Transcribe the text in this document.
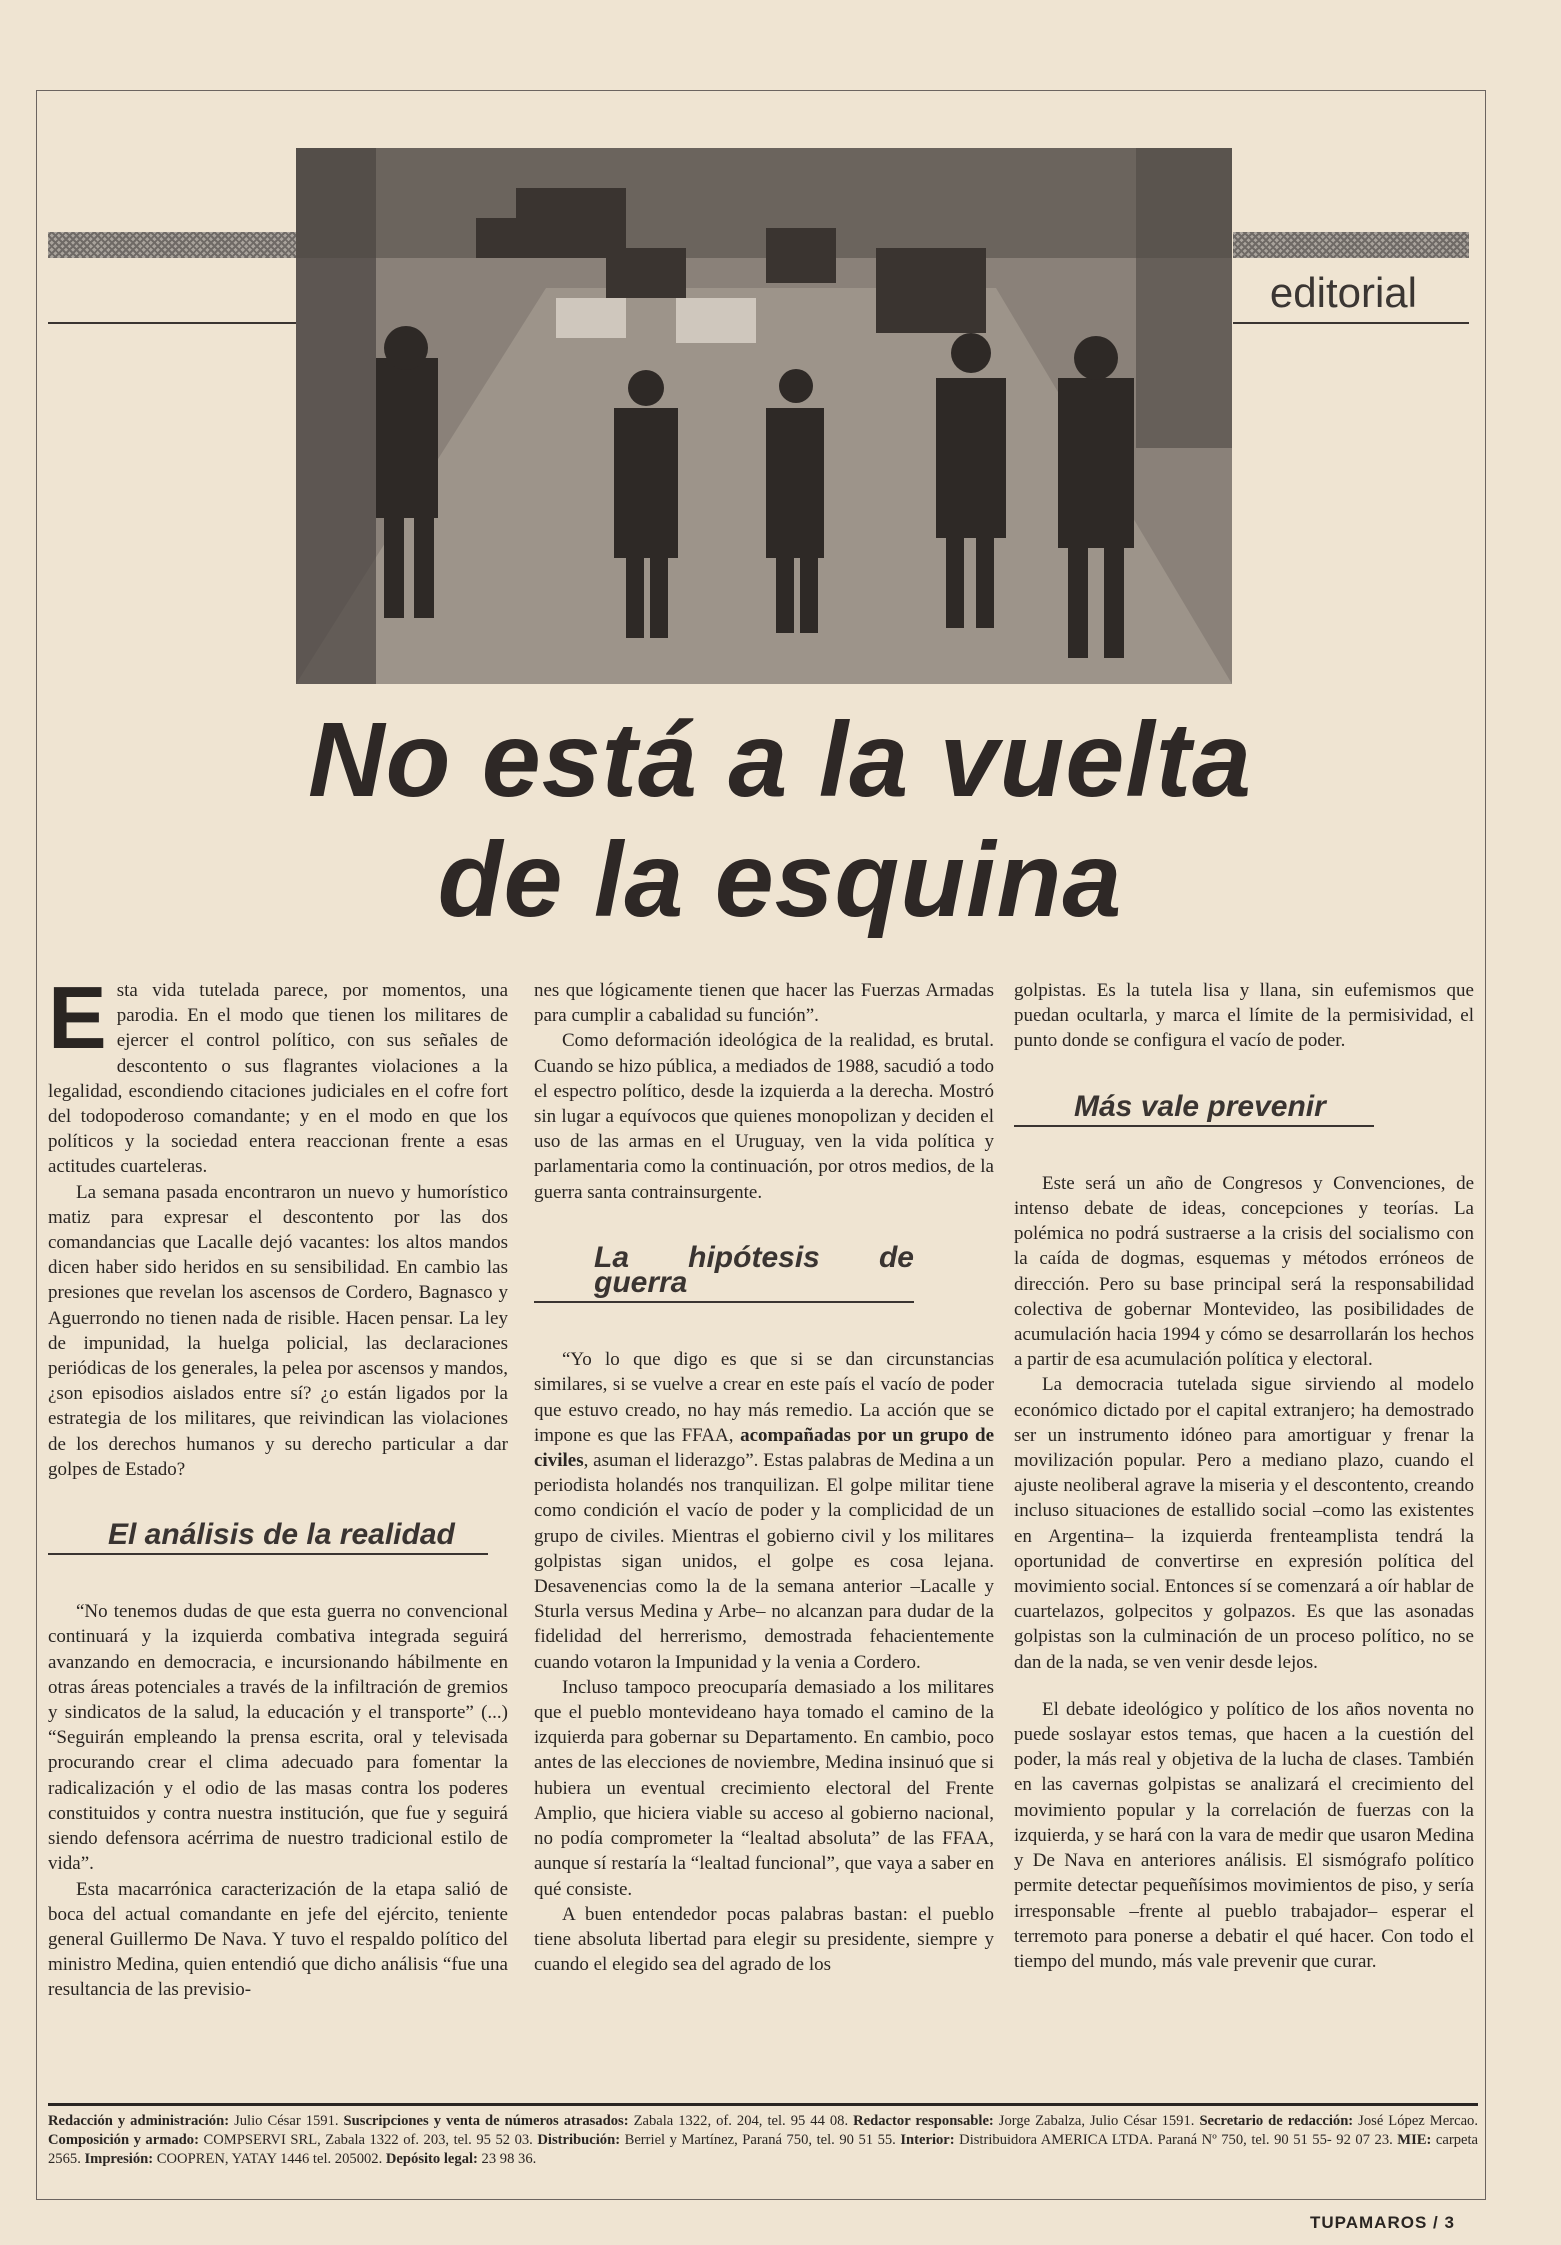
editorial
No está a la vuelta
de la esquina

Esta vida tutelada parece, por momentos, una parodia. En el modo que tienen los militares de ejercer el control político, con sus señales de descontento o sus flagrantes violaciones a la legalidad, escondiendo citaciones judiciales en el cofre fort del todopoderoso comandante; y en el modo en que los políticos y la sociedad entera reaccionan frente a esas actitudes cuarteleras.

La semana pasada encontraron un nuevo y humorístico matiz para expresar el descontento por las dos comandancias que Lacalle dejó vacantes: los altos mandos dicen haber sido heridos en su sensibilidad. En cambio las presiones que revelan los ascensos de Cordero, Bagnasco y Aguerrondo no tienen nada de risible. Hacen pensar. La ley de impunidad, la huelga policial, las declaraciones periódicas de los generales, la pelea por ascensos y mandos, ¿son episodios aislados entre sí? ¿o están ligados por la estrategia de los militares, que reivindican las violaciones de los derechos humanos y su derecho particular a dar golpes de Estado?

El análisis de la realidad

“No tenemos dudas de que esta guerra no convencional continuará y la izquierda combativa integrada seguirá avanzando en democracia, e incursionando hábilmente en otras áreas potenciales a través de la infiltración de gremios y sindicatos de la salud, la educación y el transporte” (...) “Seguirán empleando la prensa escrita, oral y televisada procurando crear el clima adecuado para fomentar la radicalización y el odio de las masas contra los poderes constituidos y contra nuestra institución, que fue y seguirá siendo defensora acérrima de nuestro tradicional estilo de vida”.

Esta macarrónica caracterización de la etapa salió de boca del actual comandante en jefe del ejército, teniente general Guillermo De Nava. Y tuvo el respaldo político del ministro Medina, quien entendió que dicho análisis “fue una resultancia de las previsio-

nes que lógicamente tienen que hacer las Fuerzas Armadas para cumplir a cabalidad su función”.

Como deformación ideológica de la realidad, es brutal. Cuando se hizo pública, a mediados de 1988, sacudió a todo el espectro político, desde la izquierda a la derecha. Mostró sin lugar a equívocos que quienes monopolizan y deciden el uso de las armas en el Uruguay, ven la vida política y parlamentaria como la continuación, por otros medios, de la guerra santa contrainsurgente.

La hipótesis de guerra

“Yo lo que digo es que si se dan circunstancias similares, si se vuelve a crear en este país el vacío de poder que estuvo creado, no hay más remedio. La acción que se impone es que las FFAA, acompañadas por un grupo de civiles, asuman el liderazgo”. Estas palabras de Medina a un periodista holandés nos tranquilizan. El golpe militar tiene como condición el vacío de poder y la complicidad de un grupo de civiles. Mientras el gobierno civil y los militares golpistas sigan unidos, el golpe es cosa lejana. Desavenencias como la de la semana anterior –Lacalle y Sturla versus Medina y Arbe– no alcanzan para dudar de la fidelidad del herrerismo, demostrada fehacientemente cuando votaron la Impunidad y la venia a Cordero.

Incluso tampoco preocuparía demasiado a los militares que el pueblo montevideano haya tomado el camino de la izquierda para gobernar su Departamento. En cambio, poco antes de las elecciones de noviembre, Medina insinuó que si hubiera un eventual crecimiento electoral del Frente Amplio, que hiciera viable su acceso al gobierno nacional, no podía comprometer la “lealtad absoluta” de las FFAA, aunque sí restaría la “lealtad funcional”, que vaya a saber en qué consiste.

A buen entendedor pocas palabras bastan: el pueblo tiene absoluta libertad para elegir su presidente, siempre y cuando el elegido sea del agrado de los

golpistas. Es la tutela lisa y llana, sin eufemismos que puedan ocultarla, y marca el límite de la permisividad, el punto donde se configura el vacío de poder.

Más vale prevenir

Este será un año de Congresos y Convenciones, de intenso debate de ideas, concepciones y teorías. La polémica no podrá sustraerse a la crisis del socialismo con la caída de dogmas, esquemas y métodos erróneos de dirección. Pero su base principal será la responsabilidad colectiva de gobernar Montevideo, las posibilidades de acumulación hacia 1994 y cómo se desarrollarán los hechos a partir de esa acumulación política y electoral.

La democracia tutelada sigue sirviendo al modelo económico dictado por el capital extranjero; ha demostrado ser un instrumento idóneo para amortiguar y frenar la movilización popular. Pero a mediano plazo, cuando el ajuste neoliberal agrave la miseria y el descontento, creando incluso situaciones de estallido social –como las existentes en Argentina– la izquierda frenteamplista tendrá la oportunidad de convertirse en expresión política del movimiento social. Entonces sí se comenzará a oír hablar de cuartelazos, golpecitos y golpazos. Es que las asonadas golpistas son la culminación de un proceso político, no se dan de la nada, se ven venir desde lejos.

El debate ideológico y político de los años noventa no puede soslayar estos temas, que hacen a la cuestión del poder, la más real y objetiva de la lucha de clases. También en las cavernas golpistas se analizará el crecimiento del movimiento popular y la correlación de fuerzas con la izquierda, y se hará con la vara de medir que usaron Medina y De Nava en anteriores análisis. El sismógrafo político permite detectar pequeñísimos movimientos de piso, y sería irresponsable –frente al pueblo trabajador– esperar el terremoto para ponerse a debatir el qué hacer. Con todo el tiempo del mundo, más vale prevenir que curar.

Redacción y administración: Julio César 1591. Suscripciones y venta de números atrasados: Zabala 1322, of. 204, tel. 95 44 08. Redactor responsable: Jorge Zabalza, Julio César 1591. Secretario de redacción: José López Mercao. Composición y armado: COMPSERVI SRL, Zabala 1322 of. 203, tel. 95 52 03. Distribución: Berriel y Martínez, Paraná 750, tel. 90 51 55. Interior: Distribuidora AMERICA LTDA. Paraná Nº 750, tel. 90 51 55- 92 07 23. MIE: carpeta 2565. Impresión: COOPREN, YATAY 1446 tel. 205002. Depósito legal: 23 98 36.
TUPAMAROS / 3
